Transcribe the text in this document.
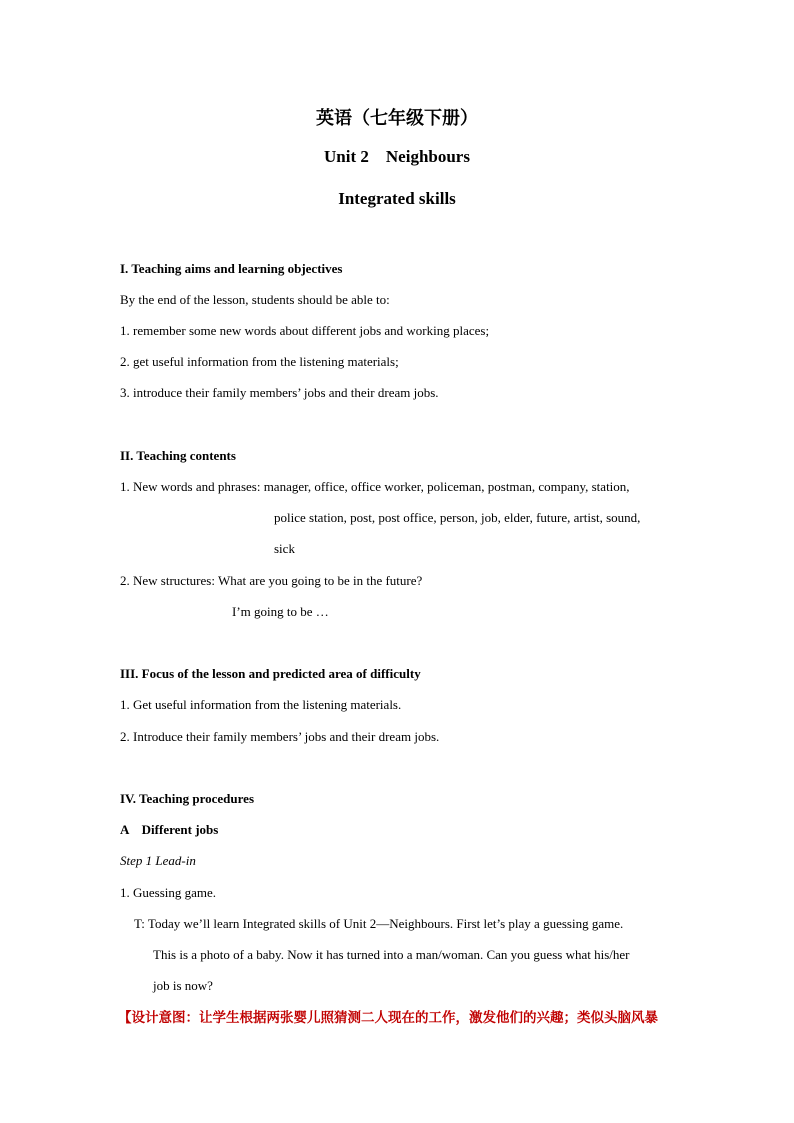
英语（七年级下册）
Unit 2    Neighbours
Integrated skills
I. Teaching aims and learning objectives
By the end of the lesson, students should be able to:
1. remember some new words about different jobs and working places;
2. get useful information from the listening materials;
3. introduce their family members’ jobs and their dream jobs.
II. Teaching contents
1. New words and phrases: manager, office, office worker, policeman, postman, company, station,
police station, post, post office, person, job, elder, future, artist, sound,
sick
2. New structures: What are you going to be in the future?
I’m going to be …
III. Focus of the lesson and predicted area of difficulty
1. Get useful information from the listening materials.
2. Introduce their family members’ jobs and their dream jobs.
IV. Teaching procedures
A    Different jobs
Step 1 Lead-in
1. Guessing game.
T: Today we’ll learn Integrated skills of Unit 2—Neighbours. First let’s play a guessing game.
This is a photo of a baby. Now it has turned into a man/woman. Can you guess what his/her
job is now?
【设计意图：让学生根据两张婴儿照猜测二人现在的工作，激发他们的兴趣；类似头脑风暴
